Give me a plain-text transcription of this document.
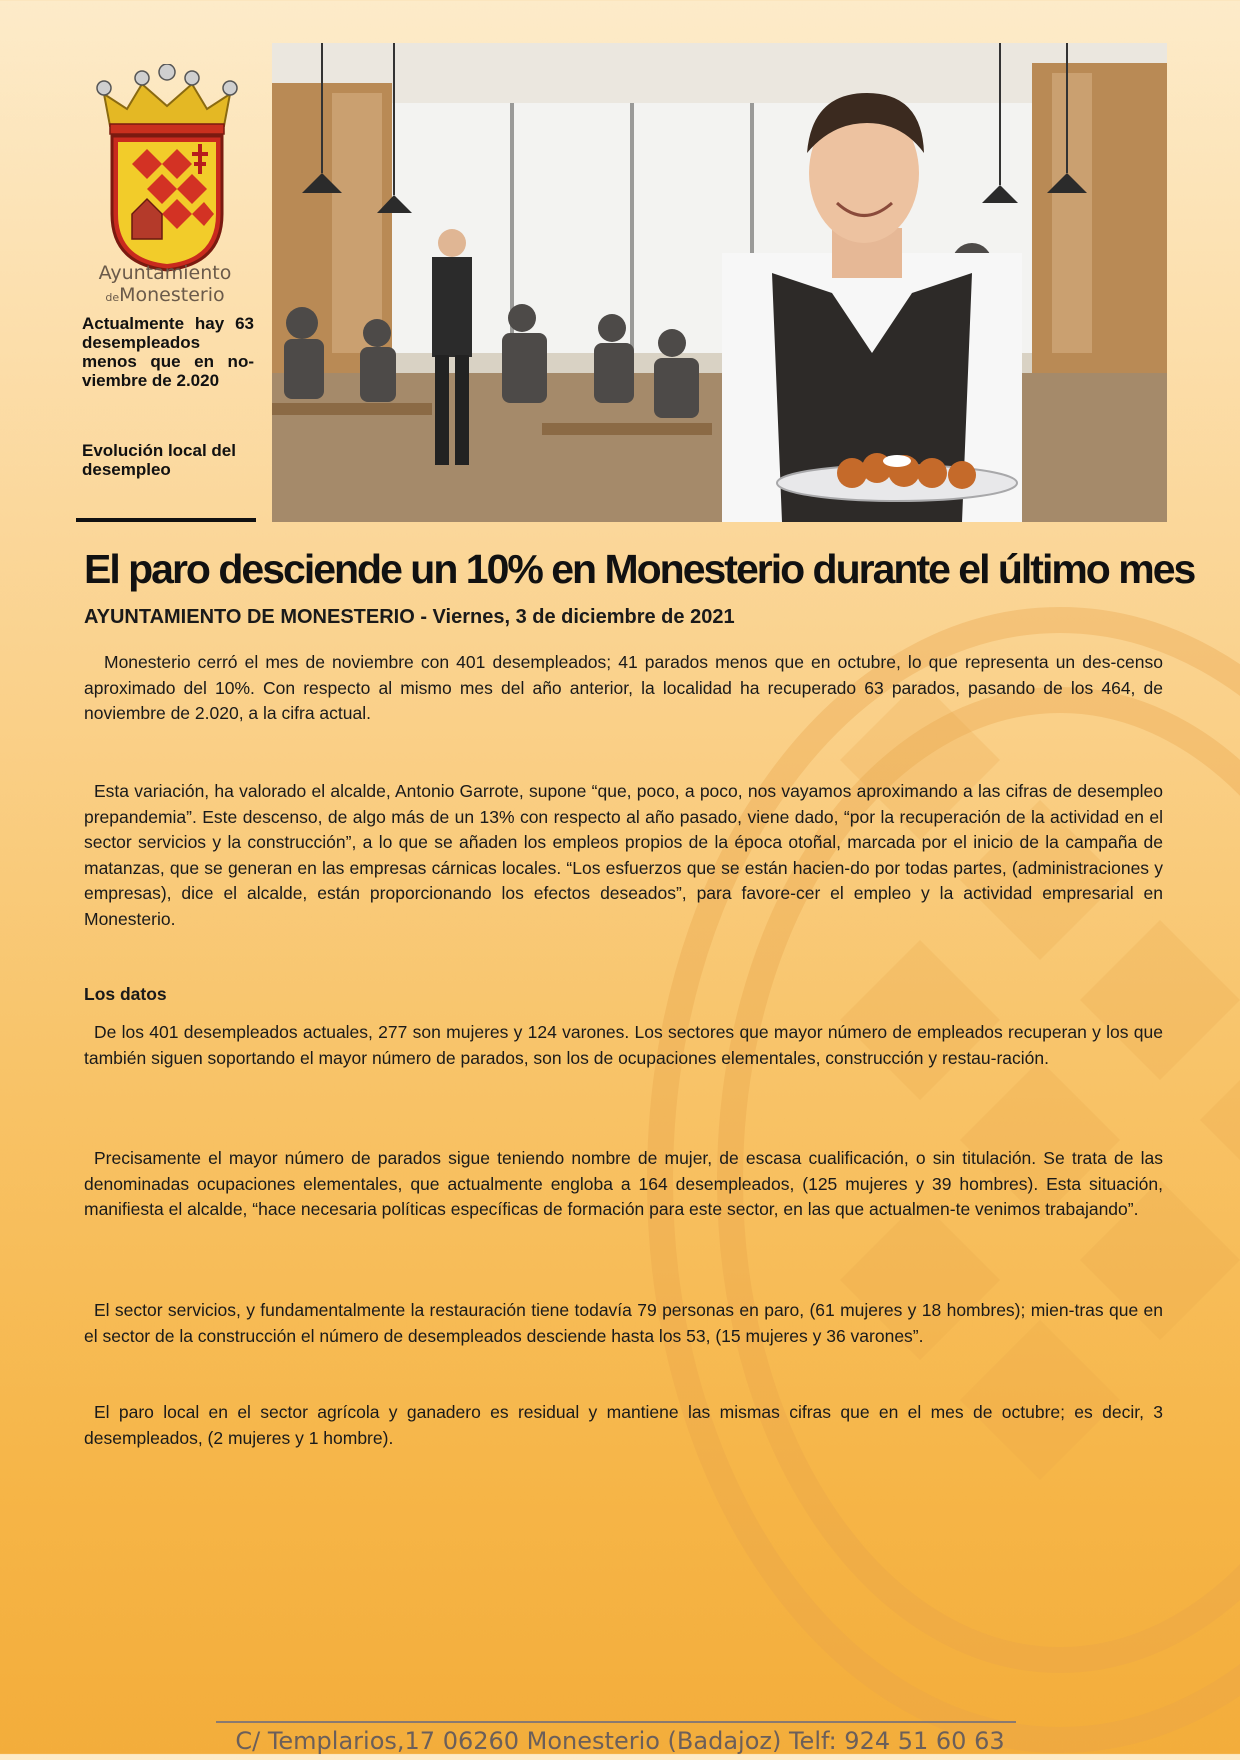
Ayuntamiento
deMonesterio
Actualmente hay 63 desempleados menos que en no-viembre de 2.020
Evolución local del desempleo
El paro desciende un 10% en Monesterio durante el último mes
AYUNTAMIENTO DE MONESTERIO - Viernes, 3 de diciembre de 2021

Monesterio cerró el mes de noviembre con 401 desempleados; 41 parados menos que en octubre, lo que representa un des-censo aproximado del 10%. Con respecto al mismo mes del año anterior, la localidad ha recuperado 63 parados, pasando de los 464, de noviembre de 2.020, a la cifra actual.

Esta variación, ha valorado el alcalde, Antonio Garrote, supone “que, poco, a poco, nos vayamos aproximando a las cifras de desempleo prepandemia”. Este descenso, de algo más de un 13% con respecto al año pasado, viene dado, “por la recuperación de la actividad en el sector servicios y la construcción”, a lo que se añaden los empleos propios de la época otoñal, marcada por el inicio de la campaña de matanzas, que se generan en las empresas cárnicas locales. “Los esfuerzos que se están hacien-do por todas partes, (administraciones y empresas), dice el alcalde, están proporcionando los efectos deseados”, para favore-cer el empleo y la actividad empresarial en Monesterio.

Los datos

De los 401 desempleados actuales, 277 son mujeres y 124 varones. Los sectores que mayor número de empleados recuperan y los que también siguen soportando el mayor número de parados, son los de ocupaciones elementales, construcción y restau-ración.

Precisamente el mayor número de parados sigue teniendo nombre de mujer, de escasa cualificación, o sin titulación. Se trata de las denominadas ocupaciones elementales, que actualmente engloba a 164 desempleados, (125 mujeres y 39 hombres). Esta situación, manifiesta el alcalde, “hace necesaria políticas específicas de formación para este sector, en las que actualmen-te venimos trabajando”.

El sector servicios, y fundamentalmente la restauración tiene todavía 79 personas en paro, (61 mujeres y 18 hombres); mien-tras que en el sector de la construcción el número de desempleados desciende hasta los 53, (15 mujeres y 36 varones”.

El paro local en el sector agrícola y ganadero es residual y mantiene las mismas cifras que en el mes de octubre; es decir, 3 desempleados, (2 mujeres y 1 hombre).

C/ Templarios,17 06260 Monesterio (Badajoz) Telf: 924 51 60 63
